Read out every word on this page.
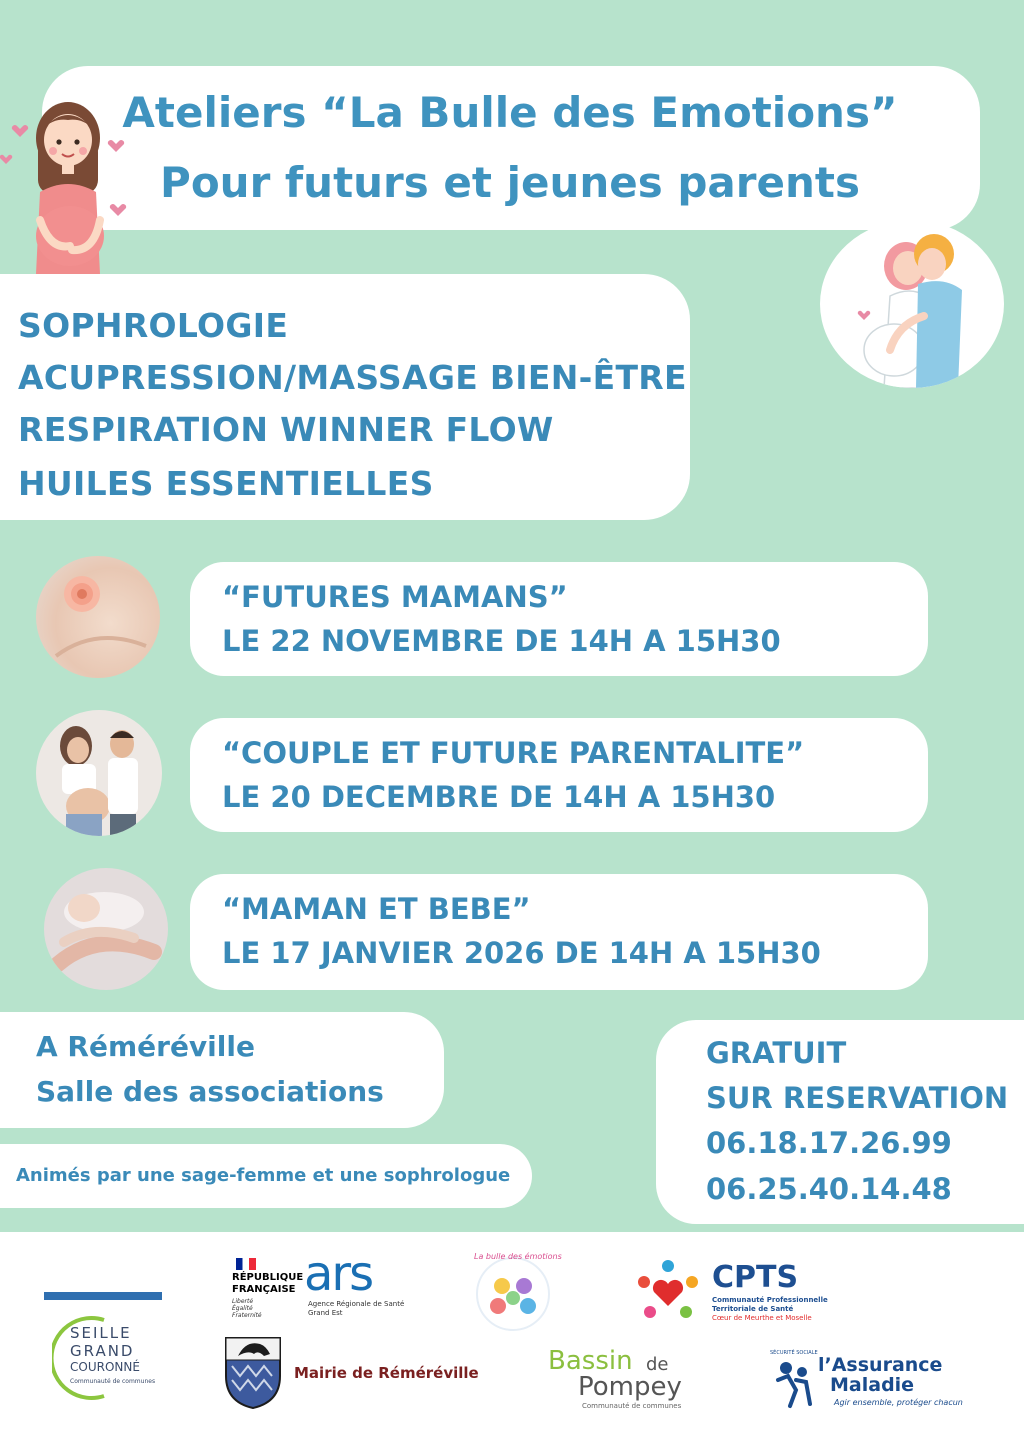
Ateliers “La Bulle des Emotions”
Pour futurs et jeunes parents

SOPHROLOGIE

ACUPRESSION/MASSAGE BIEN-ÊTRE

RESPIRATION WINNER FLOW

HUILES ESSENTIELLES

“FUTURES MAMANS”

LE 22 NOVEMBRE DE 14H A 15H30

“COUPLE ET FUTURE PARENTALITE”

LE 20 DECEMBRE DE 14H A 15H30

“MAMAN ET BEBE”

LE 17 JANVIER 2026 DE 14H A 15H30

A Réméréville

Salle des associations

Animés par une sage-femme et une sophrologue

GRATUIT

SUR RESERVATION

06.18.17.26.99

06.25.40.14.48

SEILLE

GRAND

COURONNÉ

Communauté de communes

RÉPUBLIQUE

FRANÇAISE

Liberté

Égalité

Fraternité

ars

Agence Régionale de Santé

Grand Est

La bulle des émotions

CPTS

Communauté Professionnelle

Territoriale de Santé

Cœur de Meurthe et Moselle

Mairie de Réméréville	Bassin de

Pompey

Communauté de communes

SÉCURITÉ SOCIALE

l’Assurance

Maladie

Agir ensemble, protéger chacun
